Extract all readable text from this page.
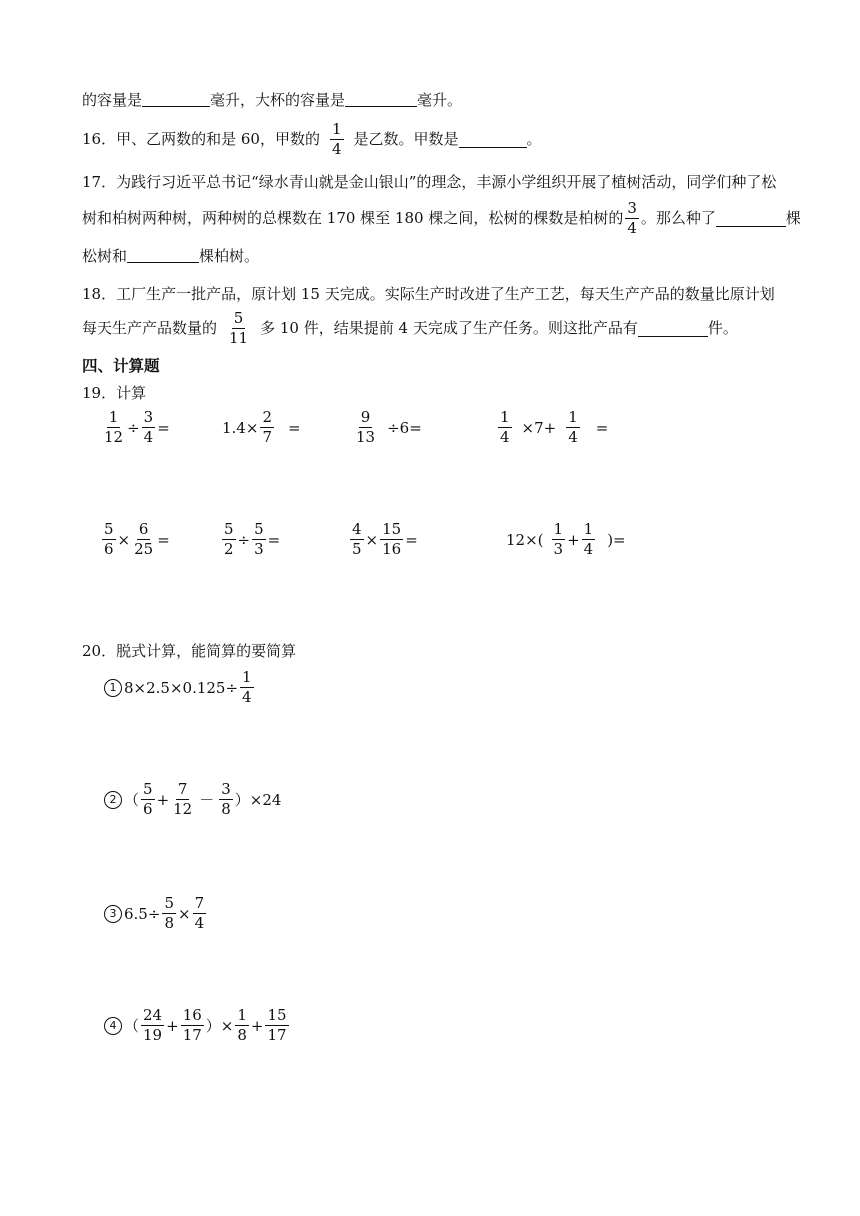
的容量是	毫升，大杯的容量是	毫升。
16．甲、乙两数的和是 60，甲数的 $\frac{1}{4}$ 是乙数。甲数是	。
17．为践行习近平总书记“绿水青山就是金山银山”的理念，丰源小学组织开展了植树活动，同学们种了松
树和柏树两种树，两种树的总棵数在 170 棵至 180 棵之间，松树的棵数是柏树的 $\frac{3}{4}$ 。那么种了	棵
松树和	棵柏树。
18．工厂生产一批产品，原计划 15 天完成。实际生产时改进了生产工艺，每天生产产品的数量比原计划
每天生产产品数量的 $\frac{5}{11}$ 多 10 件，结果提前 4 天完成了生产任务。则这批产品有	件。
四、计算题
19．计算
$\frac{1}{12} \div \frac{3}{4}$ =	$1.4\times \frac{2}{7}$ =	$\frac{9}{13} \div 6=$	$\frac{1}{4} \times 7+ \frac{1}{4}$ =
$\frac{5}{6} \times \frac{6}{25}$ =	$\frac{5}{2} \div \frac{5}{3}$ =	$\frac{4}{5} \times \frac{15}{16}$ =	$12\times( \frac{1}{3} + \frac{1}{4}$ )=
20．脱式计算，能简算的要简算
1 $8\times 2.5\times 0.125\div \frac{1}{4}$
2 （ $\frac{5}{6} + \frac{7}{12} - \frac{3}{8} )\times 24$
3 $6.5\div \frac{5}{8} \times \frac{7}{4}$
4 （ $\frac{24}{19} + \frac{16}{17}$ ）× $\frac{1}{8} + \frac{15}{17}$
